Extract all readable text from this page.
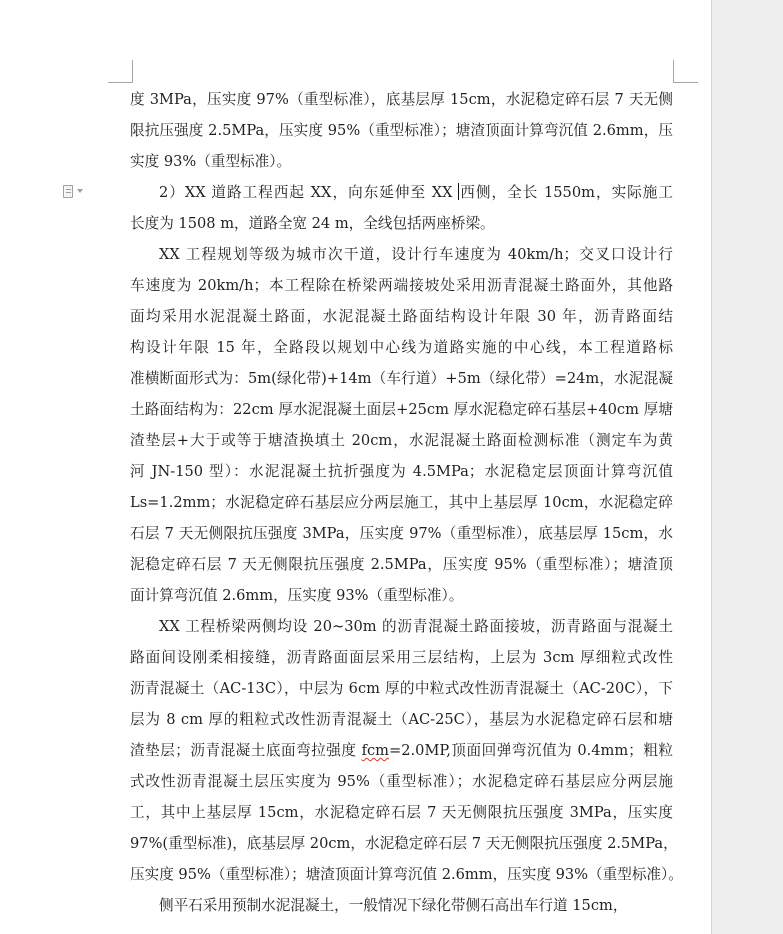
度 3MPa，压实度 97%（重型标准），底基层厚 15cm，水泥稳定碎石层 7 天无侧
限抗压强度 2.5MPa，压实度 95%（重型标准）；塘渣顶面计算弯沉值 2.6mm，压
实度 93%（重型标准）。
2）XX 道路工程西起 XX，向东延伸至 XX 西侧，全长 1550m，实际施工
长度为 1508 m，道路全宽 24 m，全线包括两座桥梁。
XX 工程规划等级为城市次干道，设计行车速度为 40km/h；交叉口设计行
车速度为 20km/h；本工程除在桥梁两端接坡处采用沥青混凝土路面外，其他路
面均采用水泥混凝土路面，水泥混凝土路面结构设计年限 30 年，沥青路面结
构设计年限 15 年，全路段以规划中心线为道路实施的中心线，本工程道路标
准横断面形式为：5m(绿化带)+14m（车行道）+5m（绿化带）=24m，水泥混凝
土路面结构为：22cm 厚水泥混凝土面层+25cm 厚水泥稳定碎石基层+40cm 厚塘
渣垫层+大于或等于塘渣换填土 20cm，水泥混凝土路面检测标准（测定车为黄
河 JN-150 型）：水泥混凝土抗折强度为 4.5MPa；水泥稳定层顶面计算弯沉值
Ls=1.2mm；水泥稳定碎石基层应分两层施工，其中上基层厚 10cm，水泥稳定碎
石层 7 天无侧限抗压强度 3MPa，压实度 97%（重型标准），底基层厚 15cm，水
泥稳定碎石层 7 天无侧限抗压强度 2.5MPa，压实度 95%（重型标准）；塘渣顶
面计算弯沉值 2.6mm，压实度 93%（重型标准）。
XX 工程桥梁两侧均设 20~30m 的沥青混凝土路面接坡，沥青路面与混凝土
路面间设刚柔相接缝，沥青路面面层采用三层结构，上层为 3cm 厚细粒式改性
沥青混凝土（AC-13C），中层为 6cm 厚的中粒式改性沥青混凝土（AC-20C），下
层为 8 cm 厚的粗粒式改性沥青混凝土（AC-25C），基层为水泥稳定碎石层和塘
渣垫层；沥青混凝土底面弯拉强度 fcm=2.0MP,顶面回弹弯沉值为 0.4mm；粗粒
式改性沥青混凝土层压实度为 95%（重型标准）；水泥稳定碎石基层应分两层施
工，其中上基层厚 15cm，水泥稳定碎石层 7 天无侧限抗压强度 3MPa，压实度
97%(重型标准)，底基层厚 20cm，水泥稳定碎石层 7 天无侧限抗压强度 2.5MPa，
压实度 95%（重型标准）；塘渣顶面计算弯沉值 2.6mm，压实度 93%（重型标准）。
侧平石采用预制水泥混凝土，一般情况下绿化带侧石高出车行道 15cm，
